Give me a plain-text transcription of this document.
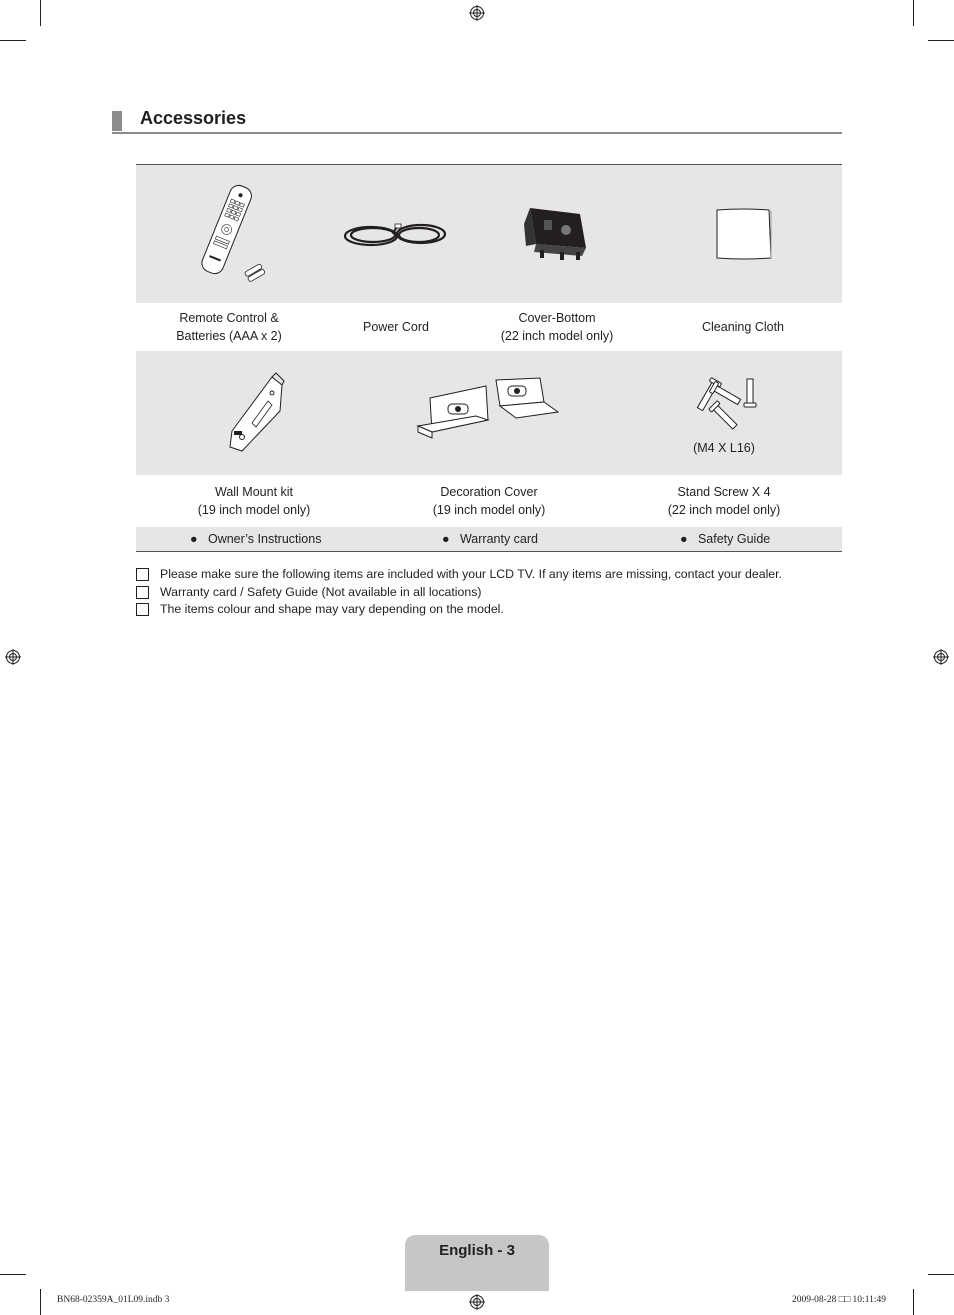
Accessories
Remote Control &
Batteries (AAA x 2)
Power Cord
Cover-Bottom
(22 inch model only)
Cleaning Cloth
(M4 X L16)
Wall Mount kit
(19 inch model only)
Decoration Cover
(19 inch model only)
Stand Screw X 4
(22 inch model only)
●   Owner’s Instructions	●   Warranty card	●   Safety Guide
Please make sure the following items are included with your LCD TV. If any items are missing, contact your dealer.
Warranty card / Safety Guide (Not available in all locations)
The items colour and shape may vary depending on the model.
English - 3
BN68-02359A_01L09.indb 3	2009-08-28 □□ 10:11:49
